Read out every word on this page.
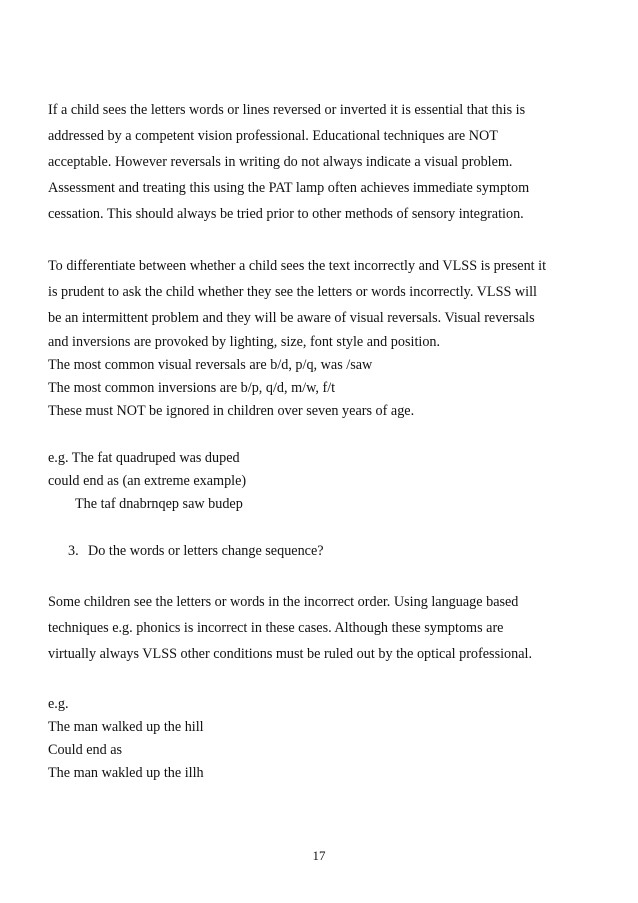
If a child sees the letters words or lines reversed or inverted it is essential that this is
addressed by a competent vision professional. Educational techniques are NOT
acceptable. However reversals in writing do not always indicate a visual problem.
Assessment and treating this using the PAT lamp often achieves immediate symptom
cessation. This should always be tried prior to other methods of sensory integration.
To differentiate between whether a child sees the text incorrectly and VLSS is present it
is prudent to ask the child whether they see the letters or words incorrectly. VLSS will
be an intermittent problem and they will be aware of visual reversals. Visual reversals
and inversions are provoked by lighting, size, font style and position.
The most common visual reversals are b/d, p/q, was /saw
The most common inversions are b/p, q/d, m/w, f/t
These must NOT be ignored in children over seven years of age.
e.g. The fat quadruped was duped
could end as (an extreme example)
The taf dnabrnqep saw budep
3. Do the words or letters change sequence?
Some children see the letters or words in the incorrect order. Using language based
techniques e.g. phonics is incorrect in these cases. Although these symptoms are
virtually always VLSS other conditions must be ruled out by the optical professional.
e.g.
The man walked up the hill
Could end as
The man wakled up the illh
17
